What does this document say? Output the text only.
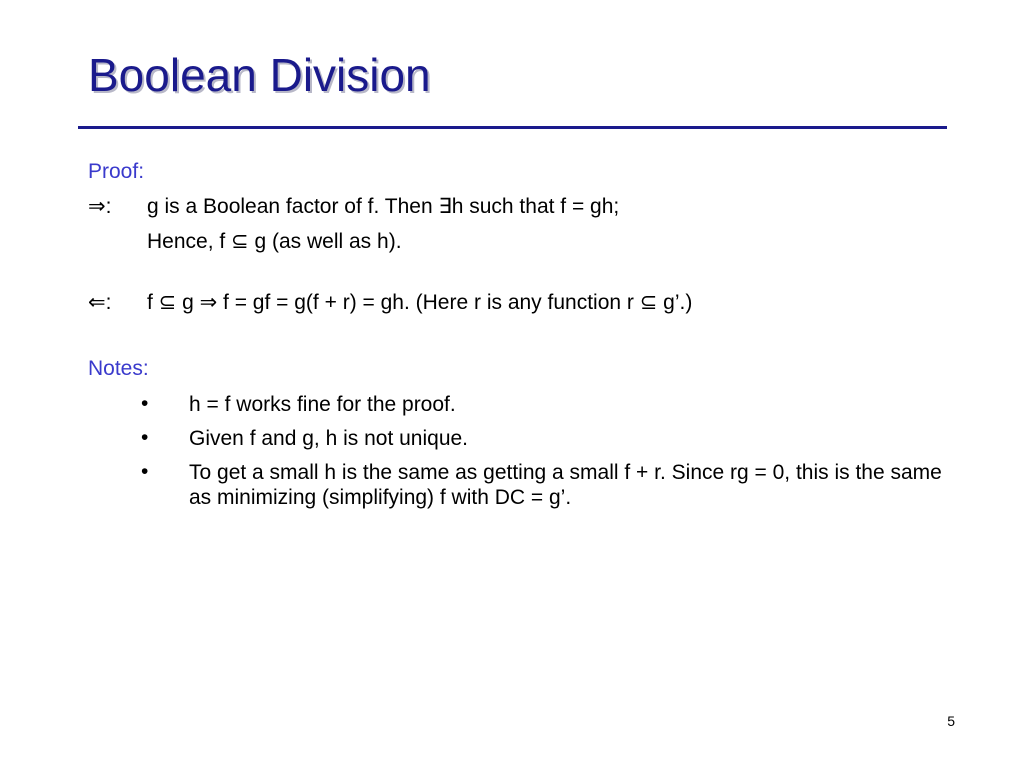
Boolean Division
Proof:
⇒: g is a Boolean factor of f. Then ∃h such that f = gh;
Hence, f ⊆ g (as well as h).
⇐: f ⊆ g ⇒ f = gf = g(f + r) = gh. (Here r is any function r ⊆ g’.)
Notes:
• h = f works fine for the proof.
• Given f and g, h is not unique.
• To get a small h is the same as getting a small f + r. Since rg = 0, this is the same as minimizing (simplifying) f with DC = g’.
5
